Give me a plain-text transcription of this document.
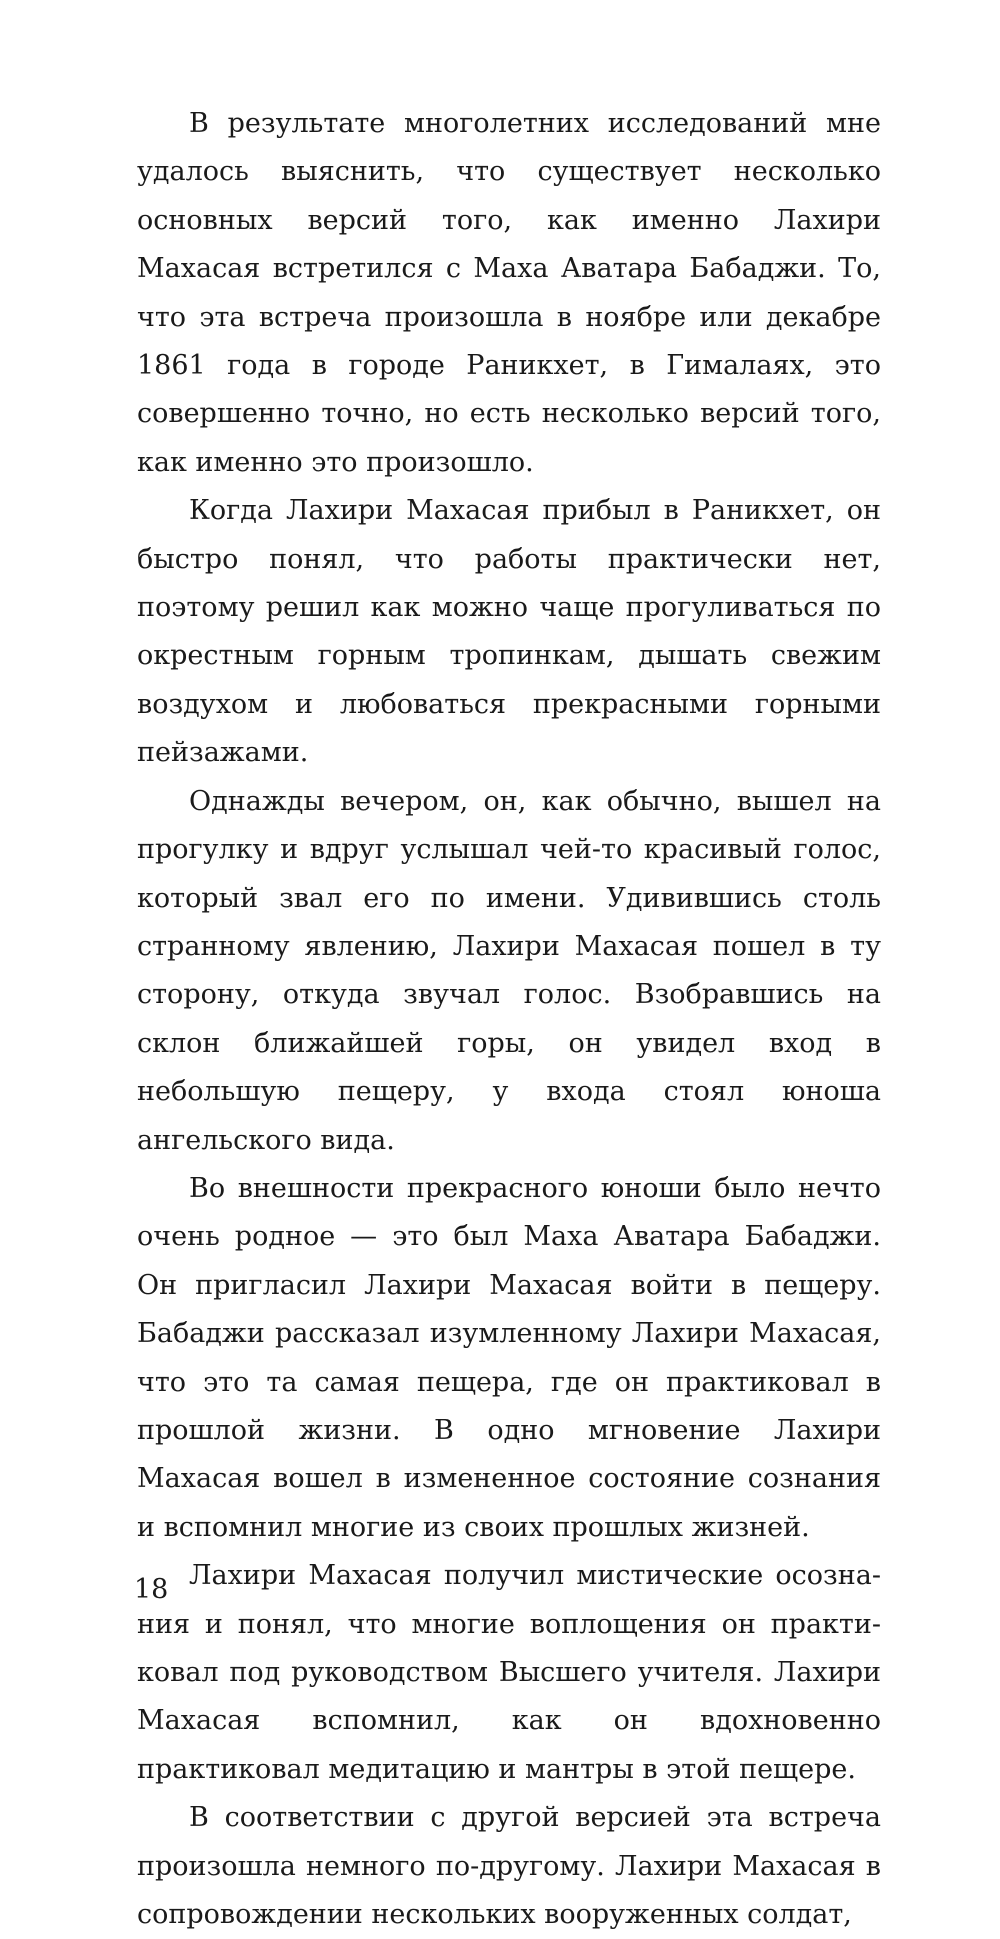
В результате многолетних исследований мне удалось выяснить, что существует несколько основных версий того, как именно Лахири Махасая встретился с Маха Аватара Бабаджи. То, что эта встреча произошла в ноябре или декабре 1861 года в городе Раникхет, в Гималаях, это совершенно точно, но есть несколько версий того, как именно это произошло.

Когда Лахири Махасая прибыл в Раникхет, он быстро понял, что работы практически нет, поэтому решил как можно чаще прогуливаться по окрестным горным тропинкам, дышать свежим воздухом и любоваться прекрасными горными пейзажами.

Однажды вечером, он, как обычно, вышел на прогулку и вдруг услышал чей-то красивый голос, который звал его по имени. Удивившись столь странному явлению, Лахири Махасая пошел в ту сторону, откуда звучал голос. Взобравшись на склон ближайшей горы, он увидел вход в небольшую пещеру, у входа стоял юноша ангельского вида.

Во внешности прекрасного юноши было нечто очень родное — это был Маха Аватара Бабаджи. Он пригласил Лахири Махасая войти в пещеру. Бабаджи рассказал изумленному Лахири Махасая, что это та самая пещера, где он практиковал в прошлой жизни. В одно мгновение Лахири Махасая вошел в измененное состояние сознания и вспомнил многие из своих прошлых жизней.

Лахири Махасая получил мистические осознания и понял, что многие воплощения он практиковал под руководством Высшего учителя. Лахири Махасая вспомнил, как он вдохновенно практиковал медитацию и мантры в этой пещере.

В соответствии с другой версией эта встреча произошла немного по-другому. Лахири Махасая в сопровождении нескольких вооруженных солдат,

18
